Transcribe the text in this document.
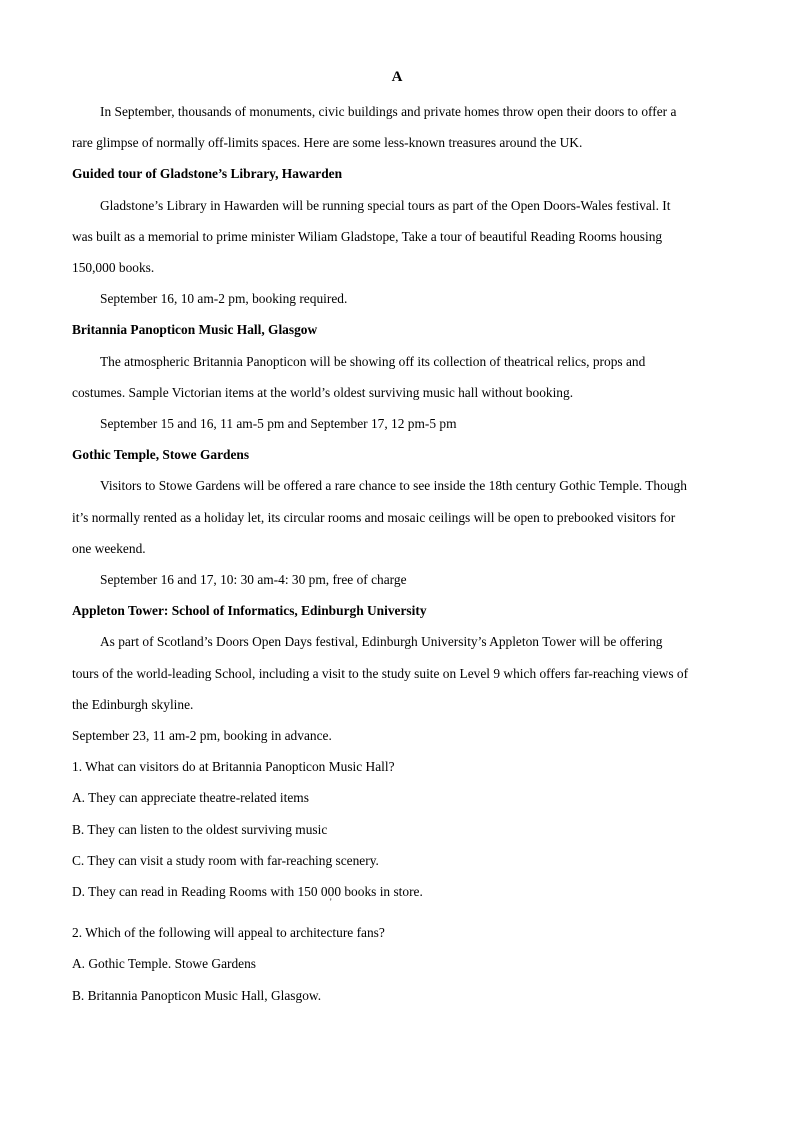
A

In September, thousands of monuments, civic buildings and private homes throw open their doors to offer a

rare glimpse of normally off-limits spaces. Here are some less-known treasures around the UK.

Guided tour of Gladstone’s Library, Hawarden

Gladstone’s Library in Hawarden will be running special tours as part of the Open Doors-Wales festival. It

was built as a memorial to prime minister Wiliam Gladstope, Take a tour of beautiful Reading Rooms housing

150,000 books.

September 16, 10 am-2 pm, booking required.

Britannia Panopticon Music Hall, Glasgow

The atmospheric Britannia Panopticon will be showing off its collection of theatrical relics, props and

costumes. Sample Victorian items at the world’s oldest surviving music hall without booking.

September 15 and 16, 11 am-5 pm and September 17, 12 pm-5 pm

Gothic Temple, Stowe Gardens

Visitors to Stowe Gardens will be offered a rare chance to see inside the 18th century Gothic Temple. Though

it’s normally rented as a holiday let, its circular rooms and mosaic ceilings will be open to prebooked visitors for

one weekend.

September 16 and 17, 10: 30 am-4: 30 pm, free of charge

Appleton Tower: School of Informatics, Edinburgh University

As part of Scotland’s Doors Open Days festival, Edinburgh University’s Appleton Tower will be offering

tours of the world-leading School, including a visit to the study suite on Level 9 which offers far-reaching views of

the Edinburgh skyline.

September 23, 11 am-2 pm, booking in advance.

1. What can visitors do at Britannia Panopticon Music Hall?

A. They can appreciate theatre-related items

B. They can listen to the oldest surviving music

C. They can visit a study room with far-reaching scenery.

D. They can read in Reading Rooms with 150 000 books in store.

'

2. Which of the following will appeal to architecture fans?

A. Gothic Temple. Stowe Gardens

B. Britannia Panopticon Music Hall, Glasgow.
